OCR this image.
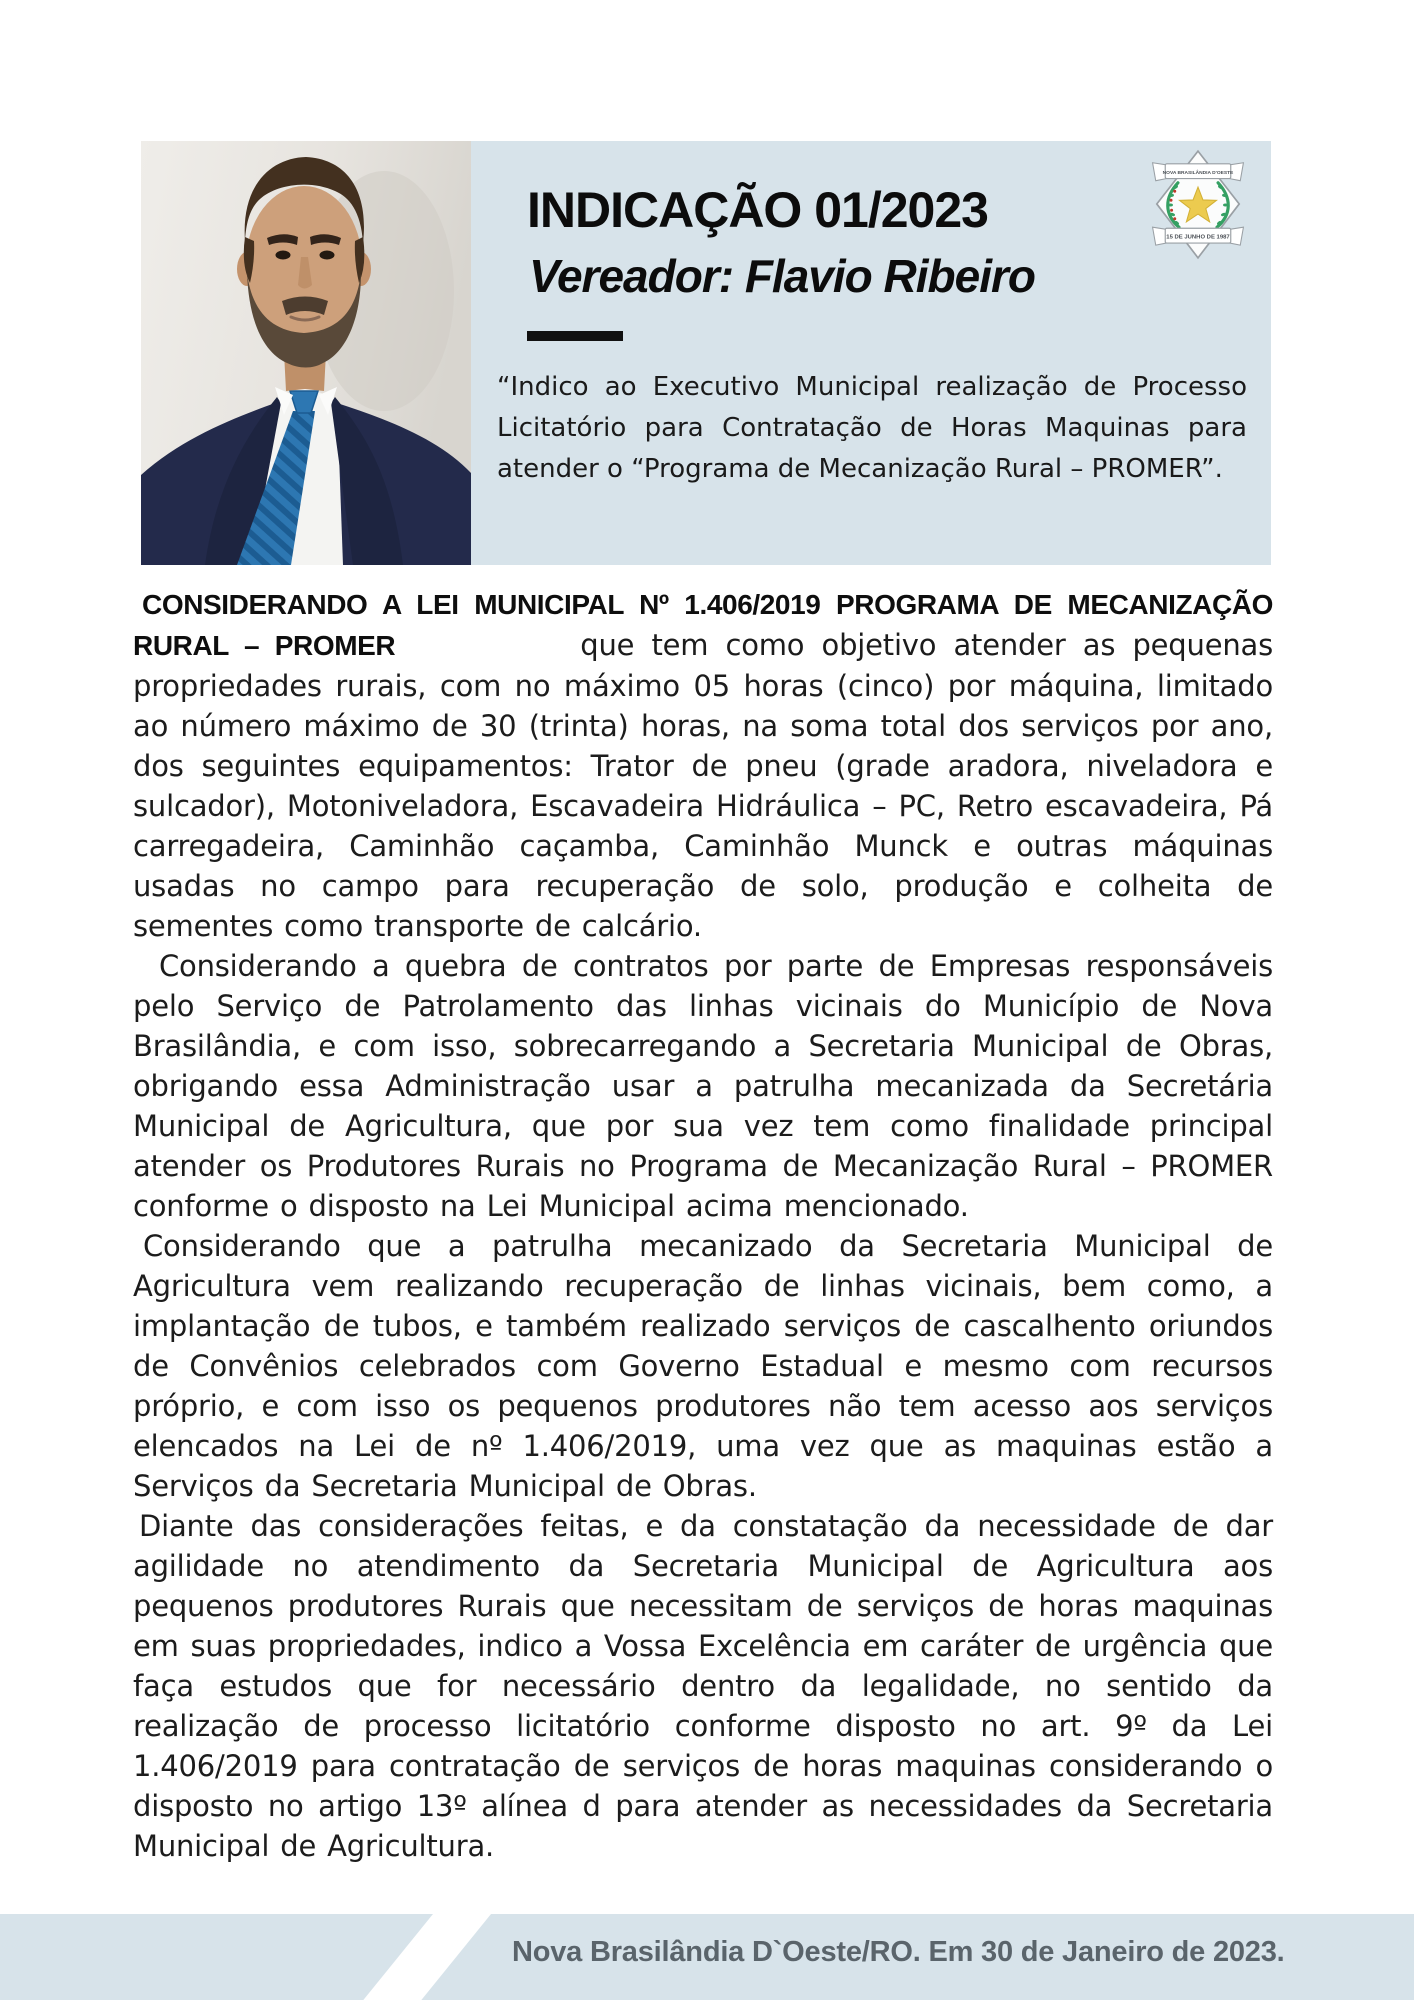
INDICAÇÃO 01/2023
Vereador: Flavio Ribeiro
“Indico ao Executivo Municipal realização de Processo Licitatório para Contratação de Horas Maquinas para atender o “Programa de Mecanização Rural – PROMER”.
NOVA BRASILÂNDIA D'OESTE
15 DE JUNHO DE 1987

CONSIDERANDO A LEI MUNICIPAL Nº 1.406/2019 PROGRAMA DE MECANIZAÇÃO RURAL – PROMER	que tem como objetivo atender as pequenas propriedades rurais, com no máximo 05 horas (cinco) por máquina, limitado ao número máximo de 30 (trinta) horas, na soma total dos serviços por ano, dos seguintes equipamentos: Trator de pneu (grade aradora, niveladora e sulcador), Motoniveladora, Escavadeira Hidráulica – PC, Retro escavadeira, Pá carregadeira, Caminhão caçamba, Caminhão Munck e outras máquinas usadas no campo para recuperação de solo, produção e colheita de sementes como transporte de calcário.

Considerando a quebra de contratos por parte de Empresas responsáveis pelo Serviço de Patrolamento das linhas vicinais do Município de Nova Brasilândia, e com isso, sobrecarregando a Secretaria Municipal de Obras, obrigando essa Administração usar a patrulha mecanizada da Secretária Municipal de Agricultura, que por sua vez tem como finalidade principal atender os Produtores Rurais no Programa de Mecanização Rural – PROMER conforme o disposto na Lei Municipal acima mencionado.

Considerando que a patrulha mecanizado da Secretaria Municipal de Agricultura vem realizando recuperação de linhas vicinais, bem como, a implantação de tubos, e também realizado serviços de cascalhento oriundos de Convênios celebrados com Governo Estadual e mesmo com recursos próprio, e com isso os pequenos produtores não tem acesso aos serviços elencados na Lei de nº 1.406/2019, uma vez que as maquinas estão a Serviços da Secretaria Municipal de Obras.

Diante das considerações feitas, e da constatação da necessidade de dar agilidade no atendimento da Secretaria Municipal de Agricultura aos pequenos produtores Rurais que necessitam de serviços de horas maquinas em suas propriedades, indico a Vossa Excelência em caráter de urgência que faça estudos que for necessário dentro da legalidade, no sentido da realização de processo licitatório conforme disposto no art. 9º da Lei 1.406/2019 para contratação de serviços de horas maquinas considerando o disposto no artigo 13º alínea d para atender as necessidades da Secretaria Municipal de Agricultura.

Nova Brasilândia D`Oeste/RO. Em 30 de Janeiro de 2023.
